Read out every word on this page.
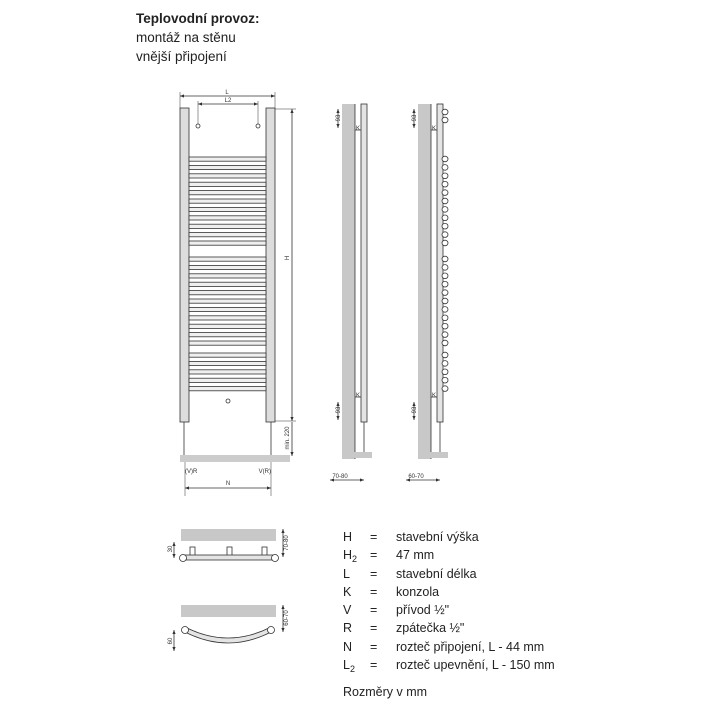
Teplovodní provoz:
montáž na stěnu
vnější připojení
L
L2
H
min. 220
(V)R	V(R)
N
93
93
K
K
70-80
93
93
K
K
60-70
30	70-80
60
60-70
H	=	stavební výška
$H_2$	=	47 mm
L	=	stavební délka
K	=	konzola
V	=	přívod ½"
R	=	zpátečka ½"
N	=	rozteč připojení, L - 44 mm
$L_2$	=	rozteč upevnění, L - 150 mm
Rozměry v mm
